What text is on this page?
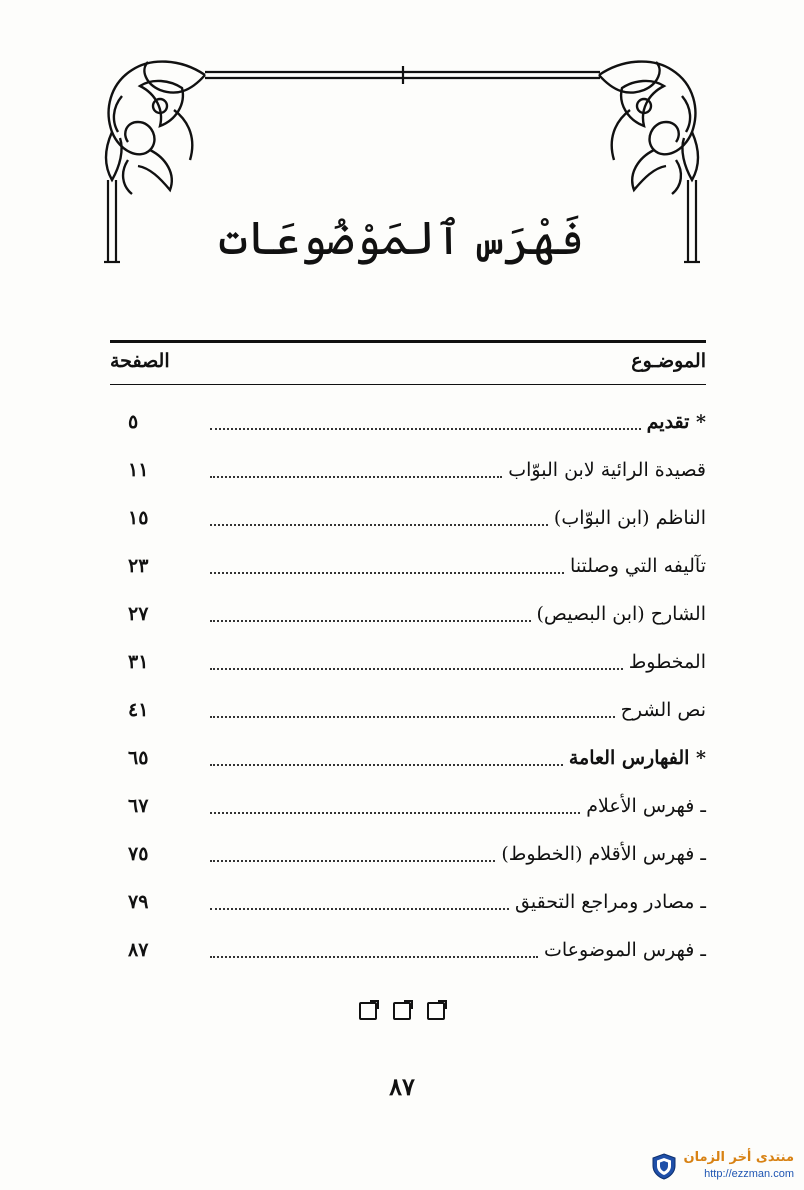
فَهْرَس ٱلمَوْضُوعَات
الموضـوع
الصفحة
* تقديم
٥
قصيدة الرائية لابن البوّاب
١١
الناظم (ابن البوّاب)
١٥
تآليفه التي وصلتنا
٢٣
الشارح (ابن البصيص)
٢٧
المخطوط
٣١
نص الشرح
٤١
* الفهارس العامة
٦٥
ـ فهرس الأعلام
٦٧
ـ فهرس الأقلام (الخطوط)
٧٥
ـ مصادر ومراجع التحقيق
٧٩
ـ فهرس الموضوعات
٨٧
٨٧
منتدى أخر الزمان
http://ezzman.com
